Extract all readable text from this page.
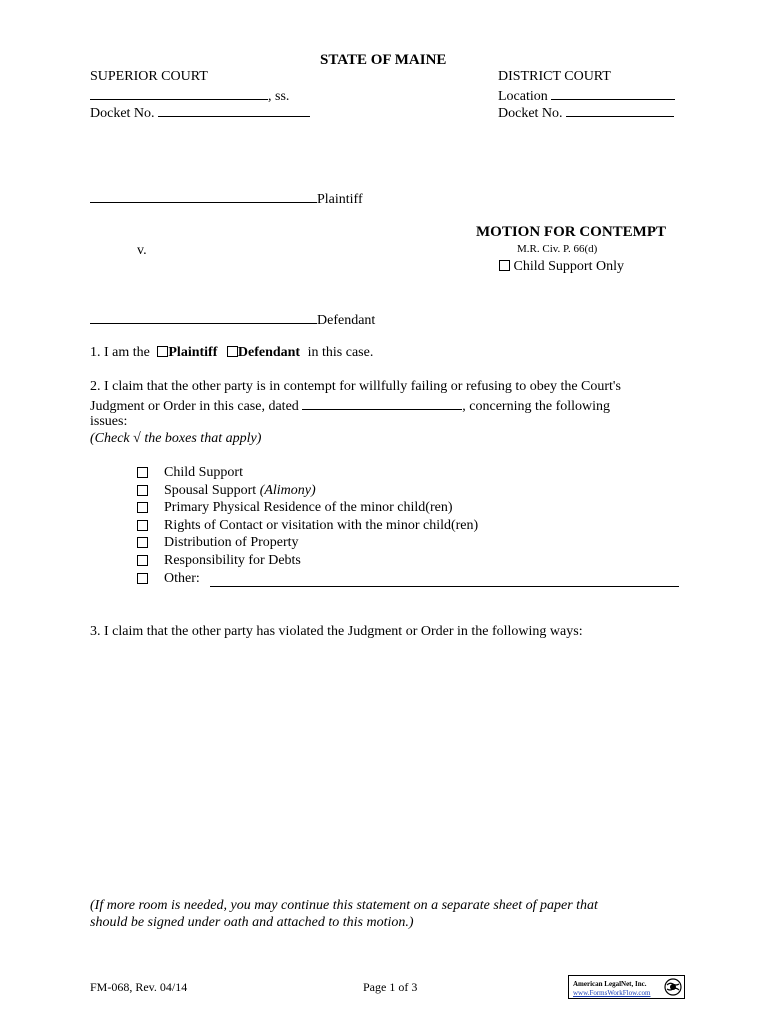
STATE OF MAINE
SUPERIOR COURT
, ss.
Docket No.
DISTRICT COURT
Location
Docket No.
Plaintiff
MOTION FOR CONTEMPT
M.R. Civ. P. 66(d)
Child Support Only
v.
Defendant
1. I am the Plaintiff Defendant in this case.
2. I claim that the other party is in contempt for willfully failing or refusing to obey the Court's
Judgment or Order in this case, dated	, concerning the following
issues:
(Check √ the boxes that apply)
Child Support
Spousal Support (Alimony)
Primary Physical Residence of the minor child(ren)
Rights of Contact or visitation with the minor child(ren)
Distribution of Property
Responsibility for Debts
Other:
3. I claim that the other party has violated the Judgment or Order in the following ways:
(If more room is needed, you may continue this statement on a separate sheet of paper that
should be signed under oath and attached to this motion.)
FM-068, Rev. 04/14	Page 1 of 3	American LegalNet, Inc.
www.FormsWorkFlow.com
